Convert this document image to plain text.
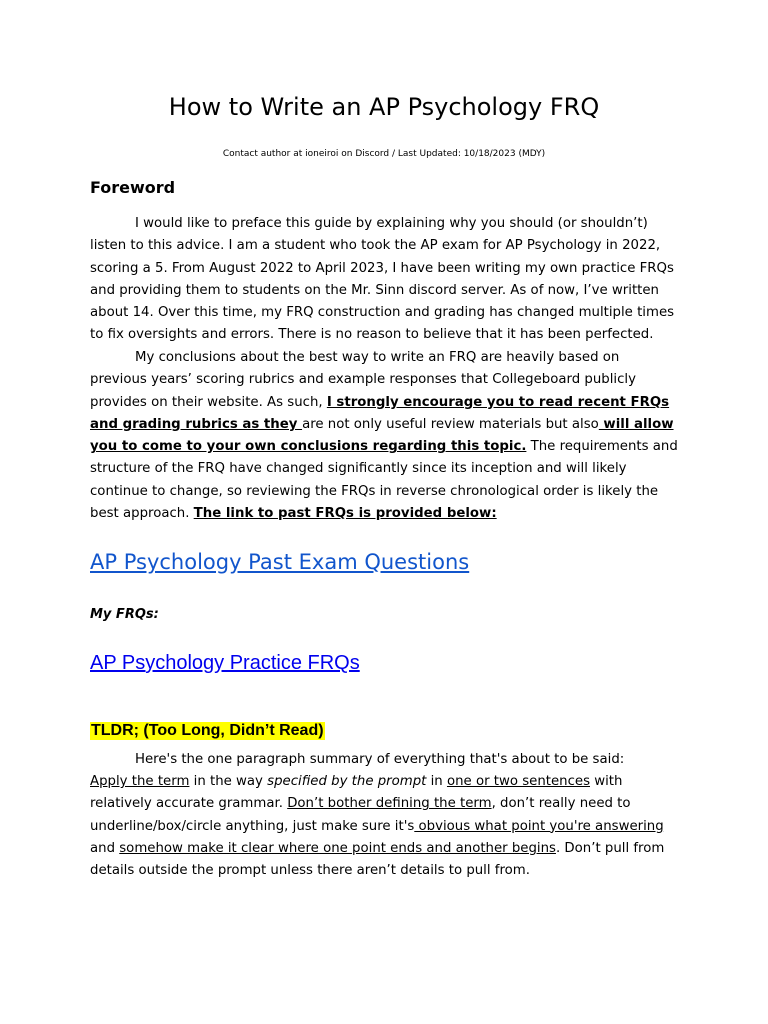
How to Write an AP Psychology FRQ
Contact author at ioneiroi on Discord / Last Updated: 10/18/2023 (MDY)
Foreword

I would like to preface this guide by explaining why you should (or shouldn’t) listen to this advice. I am a student who took the AP exam for AP Psychology in 2022, scoring a 5. From August 2022 to April 2023, I have been writing my own practice FRQs and providing them to students on the Mr. Sinn discord server. As of now, I’ve written about 14. Over this time, my FRQ construction and grading has changed multiple times to fix oversights and errors. There is no reason to believe that it has been perfected.

My conclusions about the best way to write an FRQ are heavily based on previous years’ scoring rubrics and example responses that Collegeboard publicly provides on their website. As such, I strongly encourage you to read recent FRQs and grading rubrics as they are not only useful review materials but also will allow you to come to your own conclusions regarding this topic. The requirements and structure of the FRQ have changed significantly since its inception and will likely continue to change, so reviewing the FRQs in reverse chronological order is likely the best approach. The link to past FRQs is provided below:

AP Psychology Past Exam Questions
My FRQs:
AP Psychology Practice FRQs
TLDR; (Too Long, Didn’t Read)

Here's the one paragraph summary of everything that's about to be said:

Apply the term in the way specified by the prompt in one or two sentences with relatively accurate grammar. Don’t bother defining the term, don’t really need to underline/box/circle anything, just make sure it's obvious what point you're answering and somehow make it clear where one point ends and another begins. Don’t pull from details outside the prompt unless there aren’t details to pull from.
